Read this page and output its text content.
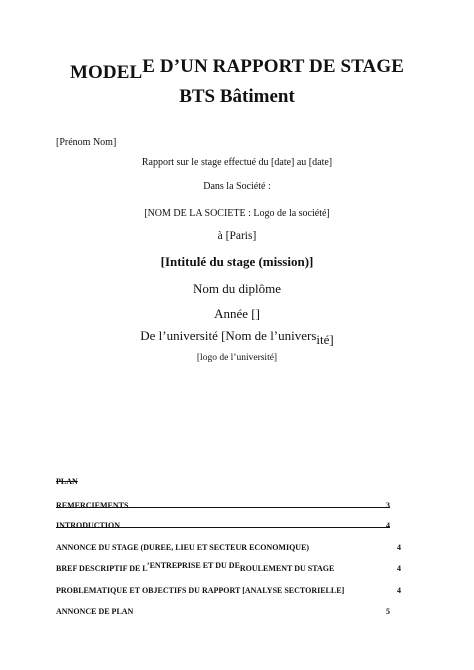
MODELE D’UN RAPPORT DE STAGE
BTS Bâtiment
[Prénom Nom]
Rapport sur le stage effectué du [date] au [date]
Dans la Société :
[NOM DE LA SOCIETE : Logo de la société]
à [Paris]
[Intitulé du stage (mission)]
Nom du diplôme
Année []
De l’université [Nom de l’université]
[logo de l’université]
PLAN
REMERCIEMENTS	3
INTRODUCTION	4
ANNONCE DU STAGE (DUREE, LIEU ET SECTEUR ECONOMIQUE)	4
BREF DESCRIPTIF DE L’ENTREPRISE ET DU DEROULEMENT DU STAGE	4
PROBLEMATIQUE ET OBJECTIFS DU RAPPORT [ANALYSE SECTORIELLE]	4
ANNONCE DE PLAN	5
